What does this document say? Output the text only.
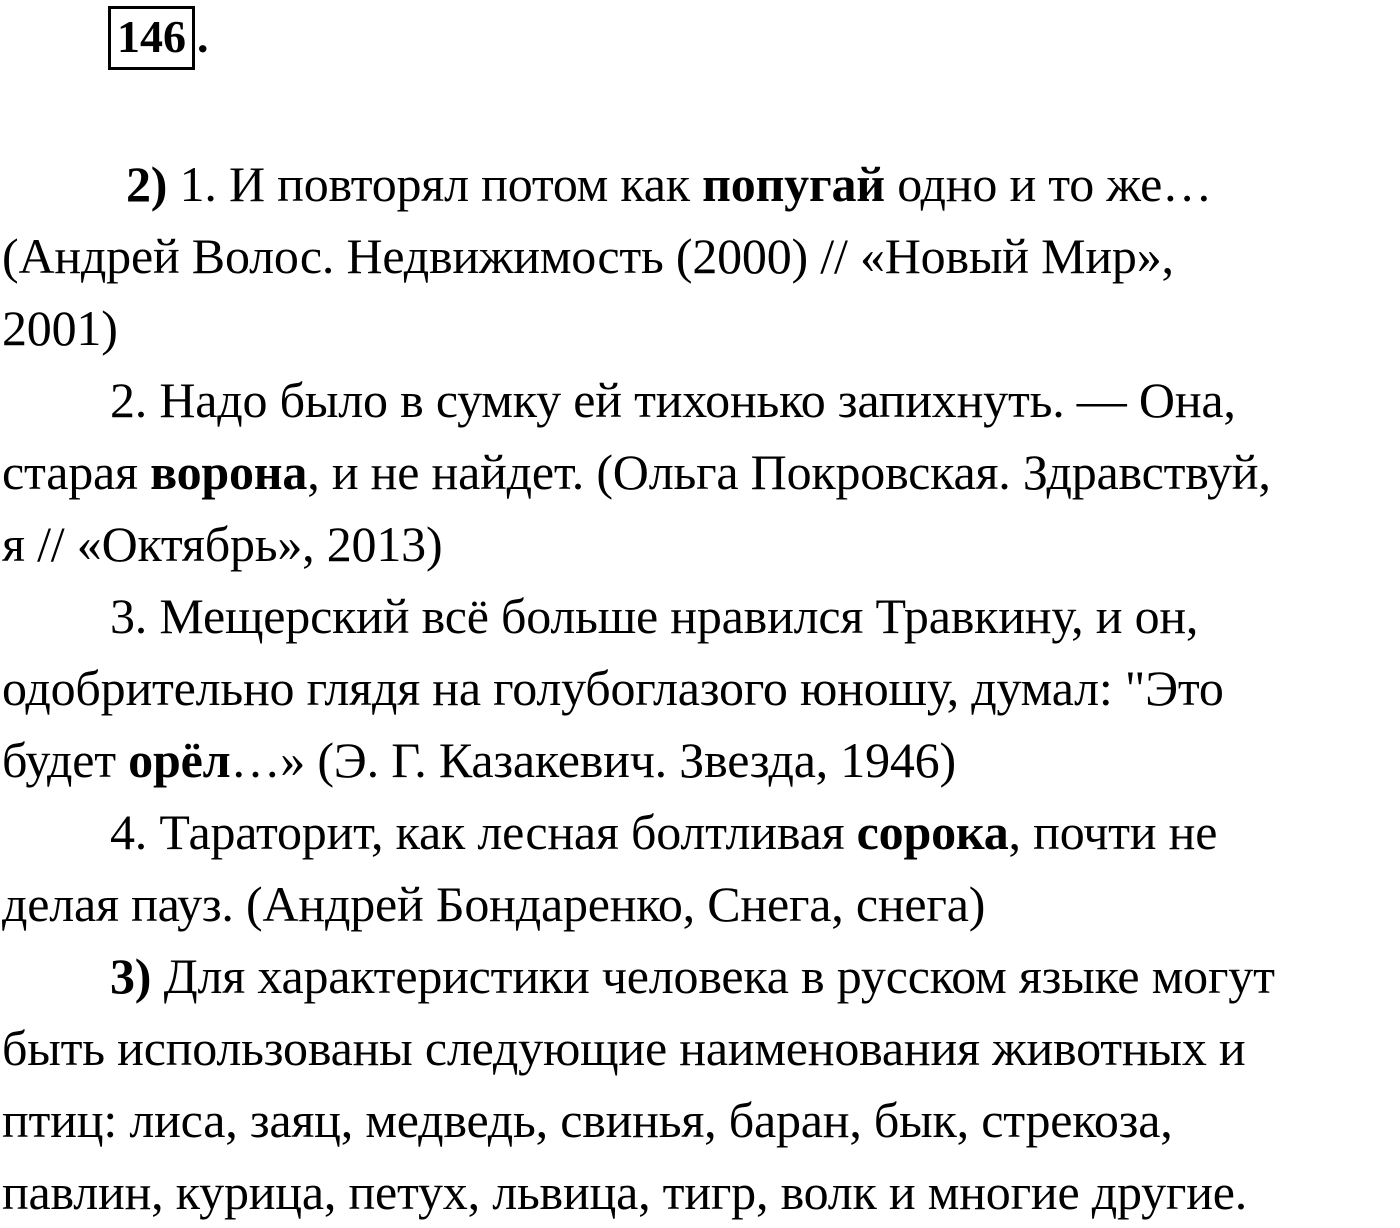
146 .

2) 1. И повторял потом как попугай одно и то же…
(Андрей Волос. Недвижимость (2000) // «Новый Мир»,
2001)

2. Надо было в сумку ей тихонько запихнуть. — Она,
старая ворона, и не найдет. (Ольга Покровская. Здравствуй,
я // «Октябрь», 2013)

3. Мещерский всё больше нравился Травкину, и он,
одобрительно глядя на голубоглазого юношу, думал: "Это
будет орёл…» (Э. Г. Казакевич. Звезда, 1946)

4. Тараторит, как лесная болтливая сорока, почти не
делая пауз. (Андрей Бондаренко, Снега, снега)

3) Для характеристики человека в русском языке могут
быть использованы следующие наименования животных и
птиц: лиса, заяц, медведь, свинья, баран, бык, стрекоза,
павлин, курица, петух, львица, тигр, волк и многие другие.
